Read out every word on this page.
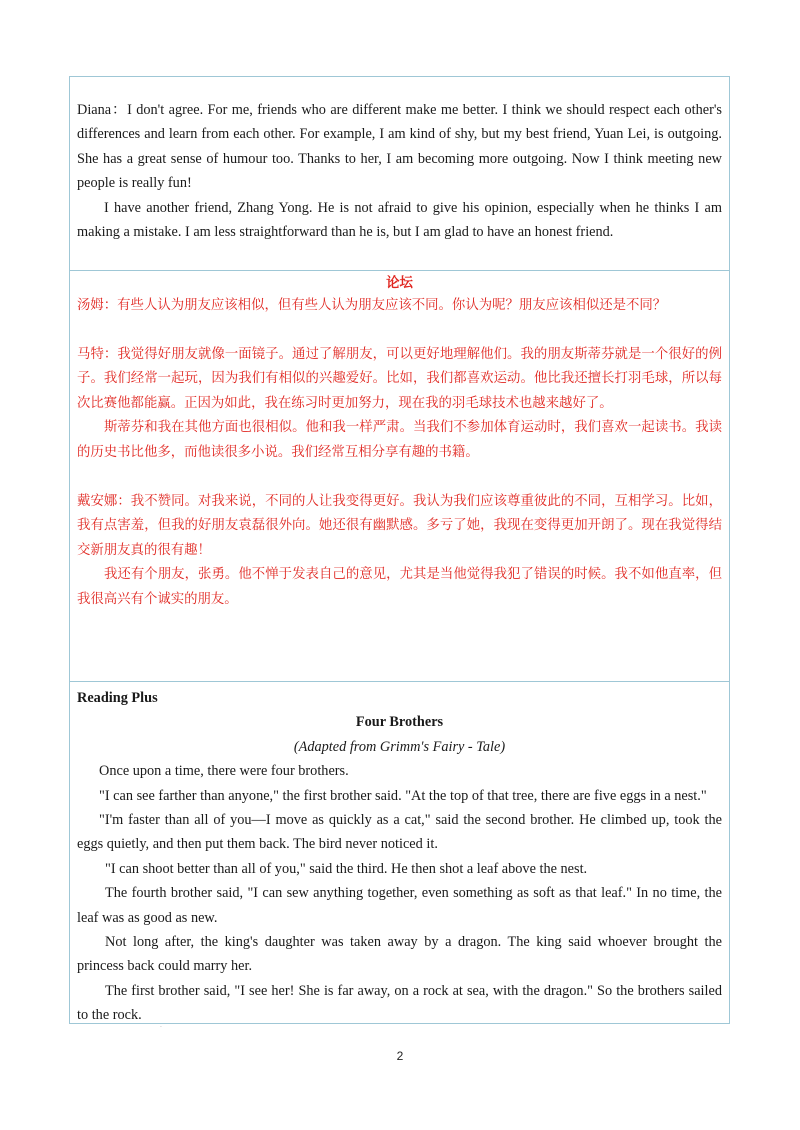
Diana：I don't agree. For me, friends who are different make me better. I think we should respect each other's differences and learn from each other. For example, I am kind of shy, but my best friend, Yuan Lei, is outgoing. She has a great sense of humour too. Thanks to her, I am becoming more outgoing. Now I think meeting new people is really fun!

I have another friend, Zhang Yong. He is not afraid to give his opinion, especially when he thinks I am making a mistake. I am less straightforward than he is, but I am glad to have an honest friend.

论坛

汤姆：有些人认为朋友应该相似，但有些人认为朋友应该不同。你认为呢？朋友应该相似还是不同？

马特：我觉得好朋友就像一面镜子。通过了解朋友，可以更好地理解他们。我的朋友斯蒂芬就是一个很好的例子。我们经常一起玩，因为我们有相似的兴趣爱好。比如，我们都喜欢运动。他比我还擅长打羽毛球，所以每次比赛他都能赢。正因为如此，我在练习时更加努力，现在我的羽毛球技术也越来越好了。

斯蒂芬和我在其他方面也很相似。他和我一样严肃。当我们不参加体育运动时，我们喜欢一起读书。我读的历史书比他多，而他读很多小说。我们经常互相分享有趣的书籍。

戴安娜：我不赞同。对我来说，不同的人让我变得更好。我认为我们应该尊重彼此的不同，互相学习。比如，我有点害羞，但我的好朋友袁磊很外向。她还很有幽默感。多亏了她，我现在变得更加开朗了。现在我觉得结交新朋友真的很有趣！

我还有个朋友，张勇。他不惮于发表自己的意见，尤其是当他觉得我犯了错误的时候。我不如他直率，但我很高兴有个诚实的朋友。

Reading Plus

Four Brothers

(Adapted from Grimm's Fairy - Tale)

Once upon a time, there were four brothers.

"I can see farther than anyone," the first brother said. "At the top of that tree, there are five eggs in a nest."

"I'm faster than all of you—I move as quickly as a cat," said the second brother. He climbed up, took the eggs quietly, and then put them back. The bird never noticed it.

"I can shoot better than all of you," said the third. He then shot a leaf above the nest.

The fourth brother said, "I can sew anything together, even something as soft as that leaf." In no time, the leaf was as good as new.

Not long after, the king's daughter was taken away by a dragon. The king said whoever brought the princess back could marry her.

The first brother said, "I see her! She is far away, on a rock at sea, with the dragon." So the brothers sailed to the rock.

.
2
